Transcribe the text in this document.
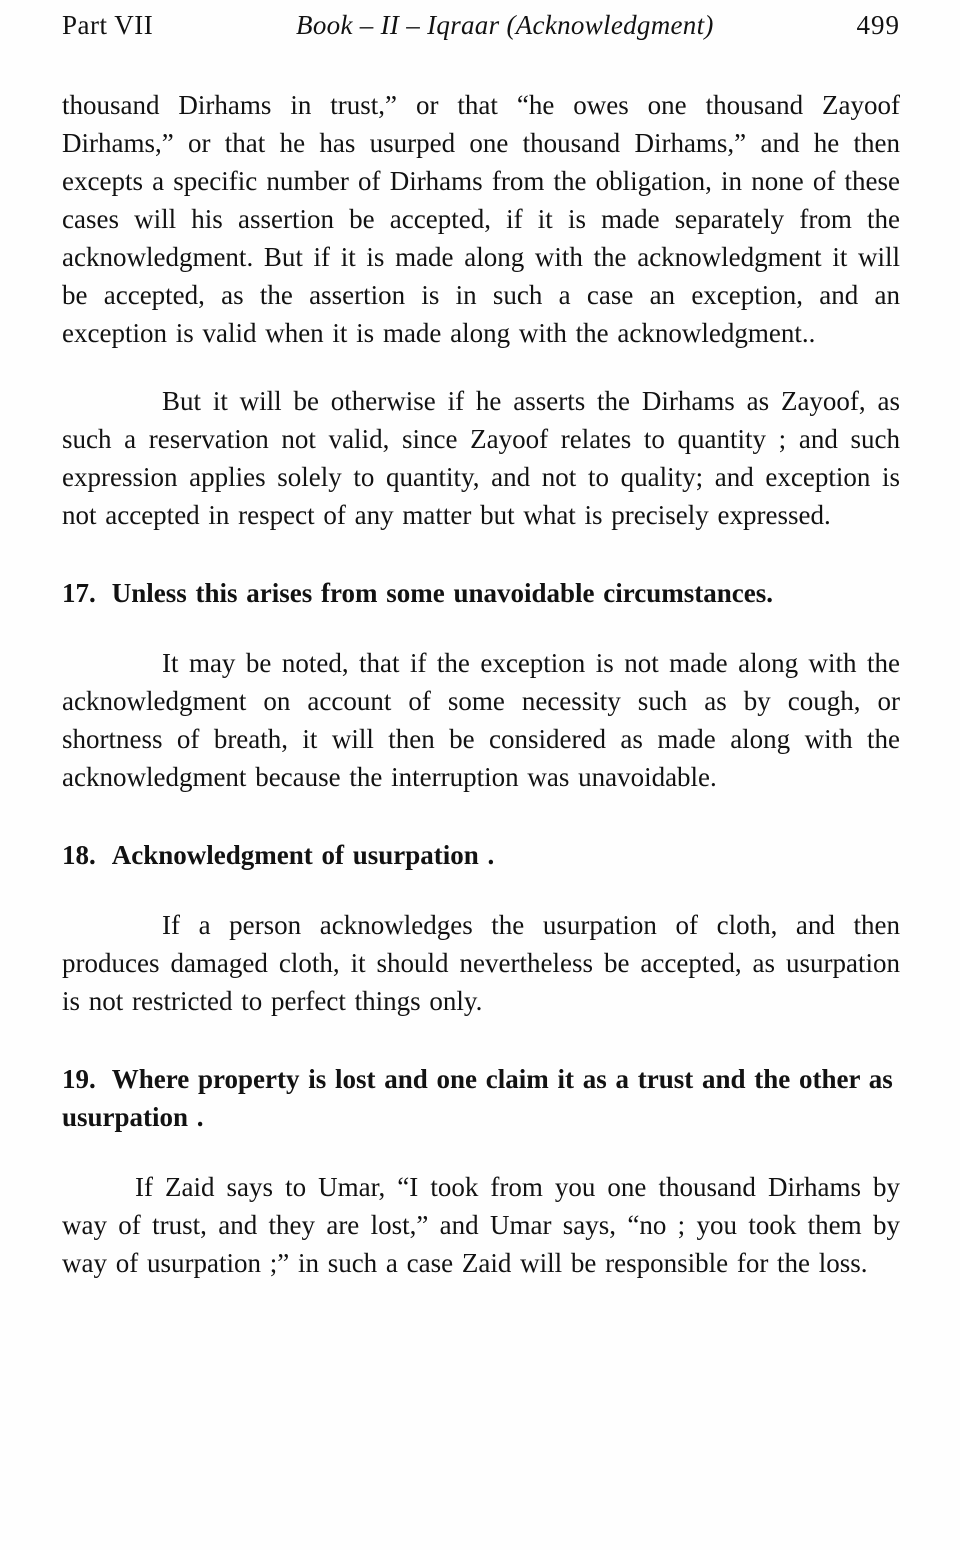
Part VII	Book – II – Iqraar (Acknowledgment)	499

thousand Dirhams in trust,” or that “he owes one thousand Zayoof Dirhams,” or that he has usurped one thousand Dirhams,” and he then excepts a specific number of Dirhams from the obligation, in none of these cases will his assertion be accepted, if it is made separately from the acknowledgment. But if it is made along with the acknowledgment it will be accepted, as the assertion is in such a case an exception, and an exception is valid when it is made along with the acknowledgment..

But it will be otherwise if he asserts the Dirhams as Zayoof, as such a reservation not valid, since Zayoof relates to quantity ; and such expression applies solely to quantity, and not to quality; and exception is not accepted in respect of any matter but what is precisely expressed.

17. Unless this arises from some unavoidable circumstances.

It may be noted, that if the exception is not made along with the acknowledgment on account of some necessity such as by cough, or shortness of breath, it will then be considered as made along with the acknowledgment because the interruption was unavoidable.

18. Acknowledgment of usurpation .

If a person acknowledges the usurpation of cloth, and then produces damaged cloth, it should nevertheless be accepted, as usurpation is not restricted to perfect things only.

19. Where property is lost and one claim it as a trust and the other as usurpation .

If Zaid says to Umar, “I took from you one thousand Dirhams by way of trust, and they are lost,” and Umar says, “no ; you took them by way of usurpation ;” in such a case Zaid will be responsible for the loss.
